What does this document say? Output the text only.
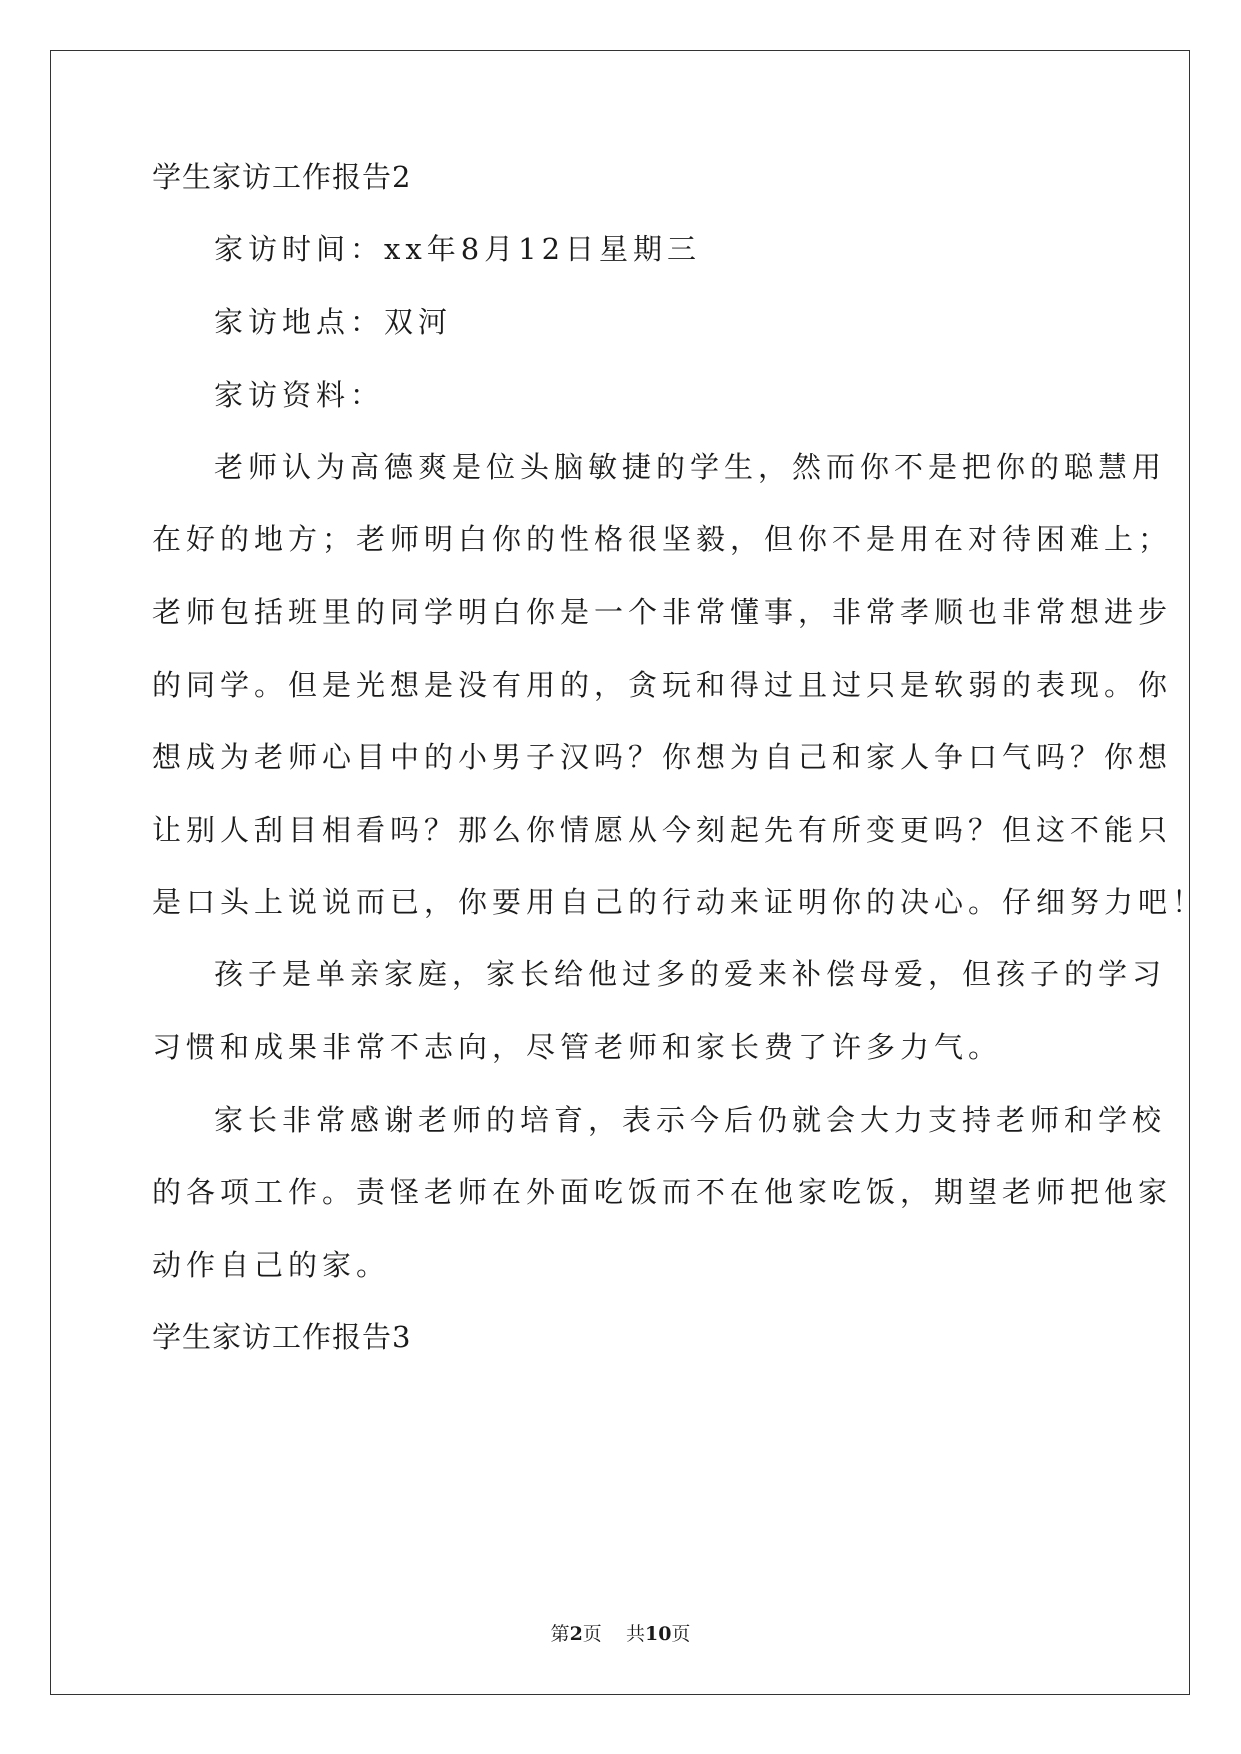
学生家访工作报告2

家访时间：xx年8月12日星期三

家访地点：双河

家访资料：

老师认为高德爽是位头脑敏捷的学生，然而你不是把你的聪慧用

在好的地方；老师明白你的性格很坚毅，但你不是用在对待困难上；

老师包括班里的同学明白你是一个非常懂事，非常孝顺也非常想进步

的同学。但是光想是没有用的，贪玩和得过且过只是软弱的表现。你

想成为老师心目中的小男子汉吗？你想为自己和家人争口气吗？你想

让别人刮目相看吗？那么你情愿从今刻起先有所变更吗？但这不能只

是口头上说说而已，你要用自己的行动来证明你的决心。仔细努力吧！

孩子是单亲家庭，家长给他过多的爱来补偿母爱，但孩子的学习

习惯和成果非常不志向，尽管老师和家长费了许多力气。

家长非常感谢老师的培育，表示今后仍就会大力支持老师和学校

的各项工作。责怪老师在外面吃饭而不在他家吃饭，期望老师把他家

动作自己的家。

学生家访工作报告3

第2页    共10页
